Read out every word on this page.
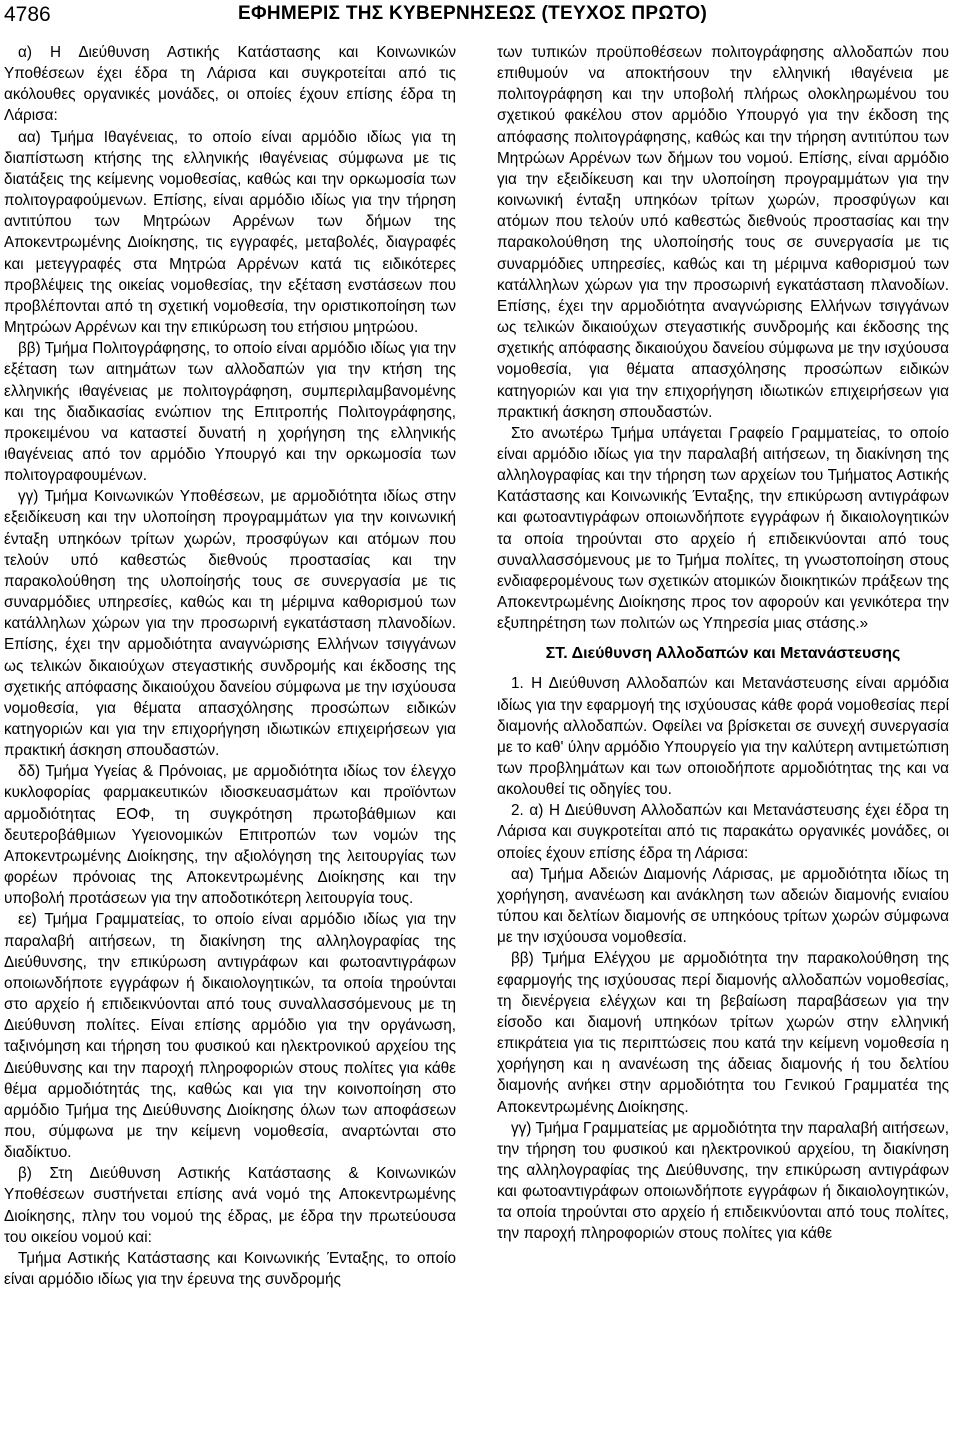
4786	ΕΦΗΜΕΡΙΣ ΤΗΣ ΚΥΒΕΡΝΗΣΕΩΣ (ΤΕΥΧΟΣ ΠΡΩΤΟ)

α) Η Διεύθυνση Αστικής Κατάστασης και Κοινωνικών Υποθέσεων έχει έδρα τη Λάρισα και συγκροτείται από τις ακόλουθες οργανικές μονάδες, οι οποίες έχουν επίσης έδρα τη Λάρισα:

αα) Τμήμα Ιθαγένειας, το οποίο είναι αρμόδιο ιδίως για τη διαπίστωση κτήσης της ελληνικής ιθαγένειας σύμφωνα με τις διατάξεις της κείμενης νομοθεσίας, καθώς και την ορκωμοσία των πολιτογραφούμενων. Επίσης, είναι αρμόδιο ιδίως για την τήρηση αντιτύπου των Μητρώων Αρρένων των δήμων της Αποκεντρωμένης Διοίκησης, τις εγγραφές, μεταβολές, διαγραφές και μετεγγραφές στα Μητρώα Αρρένων κατά τις ειδικότερες προβλέψεις της οικείας νομοθεσίας, την εξέταση ενστάσεων που προβλέπονται από τη σχετική νομοθεσία, την οριστικοποίηση των Μητρώων Αρρένων και την επικύρωση του ετήσιου μητρώου.

ββ) Τμήμα Πολιτογράφησης, το οποίο είναι αρμόδιο ιδίως για την εξέταση των αιτημάτων των αλλοδαπών για την κτήση της ελληνικής ιθαγένειας με πολιτογράφηση, συμπεριλαμβανομένης και της διαδικασίας ενώπιον της Επιτροπής Πολιτογράφησης, προκειμένου να καταστεί δυνατή η χορήγηση της ελληνικής ιθαγένειας από τον αρμόδιο Υπουργό και την ορκωμοσία των πολιτογραφουμένων.

γγ) Τμήμα Κοινωνικών Υποθέσεων, με αρμοδιότητα ιδίως στην εξειδίκευση και την υλοποίηση προγραμμάτων για την κοινωνική ένταξη υπηκόων τρίτων χωρών, προσφύγων και ατόμων που τελούν υπό καθεστώς διεθνούς προστασίας και την παρακολούθηση της υλοποίησής τους σε συνεργασία με τις συναρμόδιες υπηρεσίες, καθώς και τη μέριμνα καθορισμού των κατάλληλων χώρων για την προσωρινή εγκατάσταση πλανοδίων. Επίσης, έχει την αρμοδιότητα αναγνώρισης Ελλήνων τσιγγάνων ως τελικών δικαιούχων στεγαστικής συνδρομής και έκδοσης της σχετικής απόφασης δικαιούχου δανείου σύμφωνα με την ισχύουσα νομοθεσία, για θέματα απασχόλησης προσώπων ειδικών κατηγοριών και για την επιχορήγηση ιδιωτικών επιχειρήσεων για πρακτική άσκηση σπουδαστών.

δδ) Τμήμα Υγείας & Πρόνοιας, με αρμοδιότητα ιδίως τον έλεγχο κυκλοφορίας φαρμακευτικών ιδιοσκευασμάτων και προϊόντων αρμοδιότητας ΕΟΦ, τη συγκρότηση πρωτοβάθμιων και δευτεροβάθμιων Υγειονομικών Επιτροπών των νομών της Αποκεντρωμένης Διοίκησης, την αξιολόγηση της λειτουργίας των φορέων πρόνοιας της Αποκεντρωμένης Διοίκησης και την υποβολή προτάσεων για την αποδοτικότερη λειτουργία τους.

εε) Τμήμα Γραμματείας, το οποίο είναι αρμόδιο ιδίως για την παραλαβή αιτήσεων, τη διακίνηση της αλληλογραφίας της Διεύθυνσης, την επικύρωση αντιγράφων και φωτοαντιγράφων οποιωνδήποτε εγγράφων ή δικαιολογητικών, τα οποία τηρούνται στο αρχείο ή επιδεικνύονται από τους συναλλασσόμενους με τη Διεύθυνση πολίτες. Είναι επίσης αρμόδιο για την οργάνωση, ταξινόμηση και τήρηση του φυσικού και ηλεκτρονικού αρχείου της Διεύθυνσης και την παροχή πληροφοριών στους πολίτες για κάθε θέμα αρμοδιότητάς της, καθώς και για την κοινοποίηση στο αρμόδιο Τμήμα της Διεύθυνσης Διοίκησης όλων των αποφάσεων που, σύμφωνα με την κείμενη νομοθεσία, αναρτώνται στο διαδίκτυο.

β) Στη Διεύθυνση Αστικής Κατάστασης & Κοινωνικών Υποθέσεων συστήνεται επίσης ανά νομό της Αποκεντρωμένης Διοίκησης, πλην του νομού της έδρας, με έδρα την πρωτεύουσα του οικείου νομού καi:

Τμήμα Αστικής Κατάστασης και Κοινωνικής Ένταξης, το οποίο είναι αρμόδιο ιδίως για την έρευνα της συνδρομής

των τυπικών προϋποθέσεων πολιτογράφησης αλλοδαπών που επιθυμούν να αποκτήσουν την ελληνική ιθαγένεια με πολιτογράφηση και την υποβολή πλήρως ολοκληρωμένου του σχετικού φακέλου στον αρμόδιο Υπουργό για την έκδοση της απόφασης πολιτογράφησης, καθώς και την τήρηση αντιτύπου των Μητρώων Αρρένων των δήμων του νομού. Επίσης, είναι αρμόδιο για την εξειδίκευση και την υλοποίηση προγραμμάτων για την κοινωνική ένταξη υπηκόων τρίτων χωρών, προσφύγων και ατόμων που τελούν υπό καθεστώς διεθνούς προστασίας και την παρακολούθηση της υλοποίησής τους σε συνεργασία με τις συναρμόδιες υπηρεσίες, καθώς και τη μέριμνα καθορισμού των κατάλληλων χώρων για την προσωρινή εγκατάσταση πλανοδίων. Επίσης, έχει την αρμοδιότητα αναγνώρισης Ελλήνων τσιγγάνων ως τελικών δικαιούχων στεγαστικής συνδρομής και έκδοσης της σχετικής απόφασης δικαιούχου δανείου σύμφωνα με την ισχύουσα νομοθεσία, για θέματα απασχόλησης προσώπων ειδικών κατηγοριών και για την επιχορήγηση ιδιωτικών επιχειρήσεων για πρακτική άσκηση σπουδαστών.

Στο ανωτέρω Τμήμα υπάγεται Γραφείο Γραμματείας, το οποίο είναι αρμόδιο ιδίως για την παραλαβή αιτήσεων, τη διακίνηση της αλληλογραφίας και την τήρηση των αρχείων του Τμήματος Αστικής Κατάστασης και Κοινωνικής Ένταξης, την επικύρωση αντιγράφων και φωτοαντιγράφων οποιωνδήποτε εγγράφων ή δικαιολογητικών τα οποία τηρούνται στο αρχείο ή επιδεικνύονται από τους συναλλασσόμενους με το Τμήμα πολίτες, τη γνωστοποίηση στους ενδιαφερομένους των σχετικών ατομικών διοικητικών πράξεων της Αποκεντρωμένης Διοίκησης προς τον αφορούν και γενικότερα την εξυπηρέτηση των πολιτών ως Υπηρεσία μιας στάσης.»

ΣΤ. Διεύθυνση Αλλοδαπών και Μετανάστευσης

1. Η Διεύθυνση Αλλοδαπών και Μετανάστευσης είναι αρμόδια ιδίως για την εφαρμογή της ισχύουσας κάθε φορά νομοθεσίας περί διαμονής αλλοδαπών. Οφείλει να βρίσκεται σε συνεχή συνεργασία με το καθ' ύλην αρμόδιο Υπουργείο για την καλύτερη αντιμετώπιση των προβλημάτων και των οποιοδήποτε αρμοδιότητας της και να ακολουθεί τις οδηγίες του.

2. α) Η Διεύθυνση Αλλοδαπών και Μετανάστευσης έχει έδρα τη Λάρισα και συγκροτείται από τις παρακάτω οργανικές μονάδες, οι οποίες έχουν επίσης έδρα τη Λάρισα:

αα) Τμήμα Αδειών Διαμονής Λάρισας, με αρμοδιότητα ιδίως τη χορήγηση, ανανέωση και ανάκληση των αδειών διαμονής ενιαίου τύπου και δελτίων διαμονής σε υπηκόους τρίτων χωρών σύμφωνα με την ισχύουσα νομοθεσία.

ββ) Τμήμα Ελέγχου με αρμοδιότητα την παρακολούθηση της εφαρμογής της ισχύουσας περί διαμονής αλλοδαπών νομοθεσίας, τη διενέργεια ελέγχων και τη βεβαίωση παραβάσεων για την είσοδο και διαμονή υπηκόων τρίτων χωρών στην ελληνική επικράτεια για τις περιπτώσεις που κατά την κείμενη νομοθεσία η χορήγηση και η ανανέωση της άδειας διαμονής ή του δελτίου διαμονής ανήκει στην αρμοδιότητα του Γενικού Γραμματέα της Αποκεντρωμένης Διοίκησης.

γγ) Τμήμα Γραμματείας με αρμοδιότητα την παραλαβή αιτήσεων, την τήρηση του φυσικού και ηλεκτρονικού αρχείου, τη διακίνηση της αλληλογραφίας της Διεύθυνσης, την επικύρωση αντιγράφων και φωτοαντιγράφων οποιωνδήποτε εγγράφων ή δικαιολογητικών, τα οποία τηρούνται στο αρχείο ή επιδεικνύονται από τους πολίτες, την παροχή πληροφοριών στους πολίτες για κάθε
